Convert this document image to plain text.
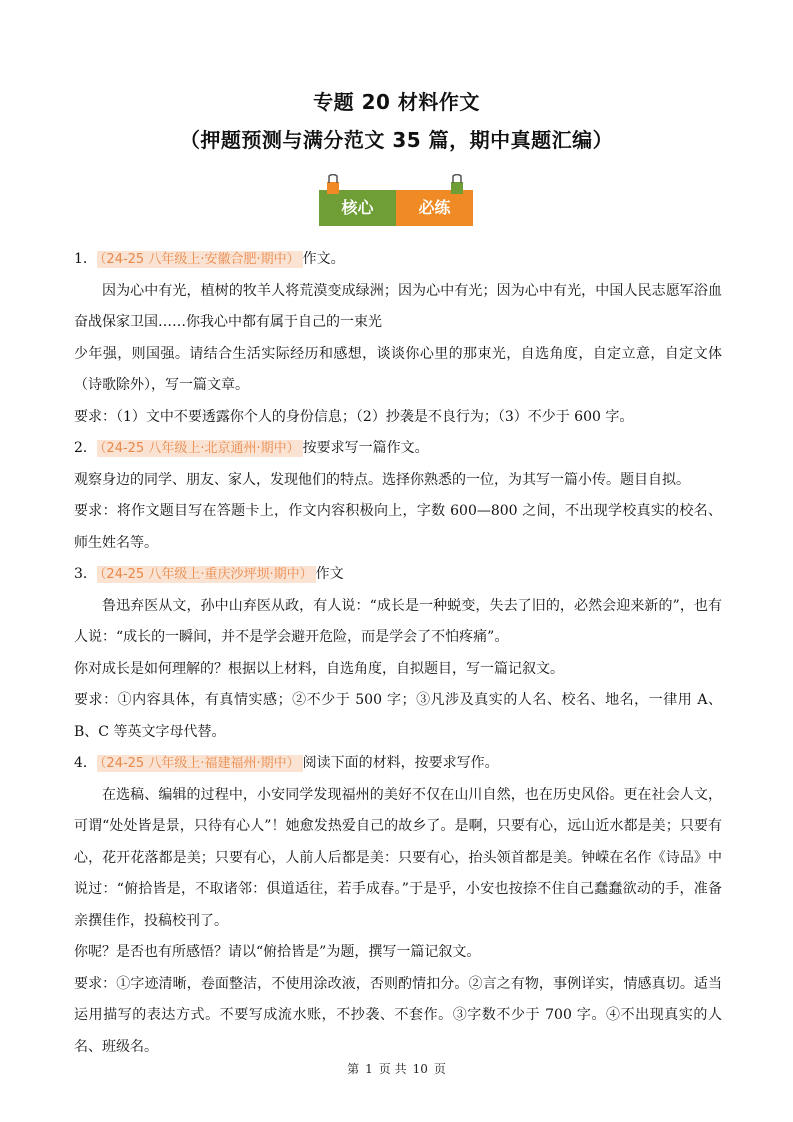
专题 20 材料作文
（押题预测与满分范文 35 篇，期中真题汇编）
核心	必练

1． （24-25 八年级上·安徽合肥·期中） 作文。

因为心中有光，植树的牧羊人将荒漠变成绿洲；因为心中有光；因为心中有光，中国人民志愿军浴血奋战保家卫国……你我心中都有属于自己的一束光

少年强，则国强。请结合生活实际经历和感想，谈谈你心里的那束光，自选角度，自定立意，自定文体（诗歌除外），写一篇文章。

要求：（1）文中不要透露你个人的身份信息；（2）抄袭是不良行为；（3）不少于 600 字。

2． （24-25 八年级上·北京通州·期中） 按要求写一篇作文。

观察身边的同学、朋友、家人，发现他们的特点。选择你熟悉的一位，为其写一篇小传。题目自拟。

要求：将作文题目写在答题卡上，作文内容积极向上，字数 600—800 之间，不出现学校真实的校名、师生姓名等。

3． （24-25 八年级上·重庆沙坪坝·期中） 作文

鲁迅弃医从文，孙中山弃医从政，有人说：“成长是一种蜕变，失去了旧的，必然会迎来新的”，也有人说：“成长的一瞬间，并不是学会避开危险，而是学会了不怕疼痛”。

你对成长是如何理解的？根据以上材料，自选角度，自拟题目，写一篇记叙文。

要求：①内容具体，有真情实感；②不少于 500 字；③凡涉及真实的人名、校名、地名，一律用 A、B、C 等英文字母代替。

4． （24-25 八年级上·福建福州·期中） 阅读下面的材料，按要求写作。

在选稿、编辑的过程中，小安同学发现福州的美好不仅在山川自然，也在历史风俗。更在社会人文，可谓“处处皆是景，只待有心人”！她愈发热爱自己的故乡了。是啊，只要有心，远山近水都是美；只要有心，花开花落都是美；只要有心，人前人后都是美：只要有心，抬头领首都是美。钟嵘在名作《诗品》中说过：“俯拾皆是，不取诸邻：俱道适往，若手成春。”于是乎，小安也按捺不住自己蠢蠢欲动的手，准备亲撰佳作，投稿校刊了。

你呢？是否也有所感悟？请以“俯拾皆是”为题，撰写一篇记叙文。

要求：①字迹清晰，卷面整洁，不使用涂改液，否则酌情扣分。②言之有物，事例详实，情感真切。适当运用描写的表达方式。不要写成流水账，不抄袭、不套作。③字数不少于 700 字。④不出现真实的人名、班级名。

第 1 页 共 10 页
